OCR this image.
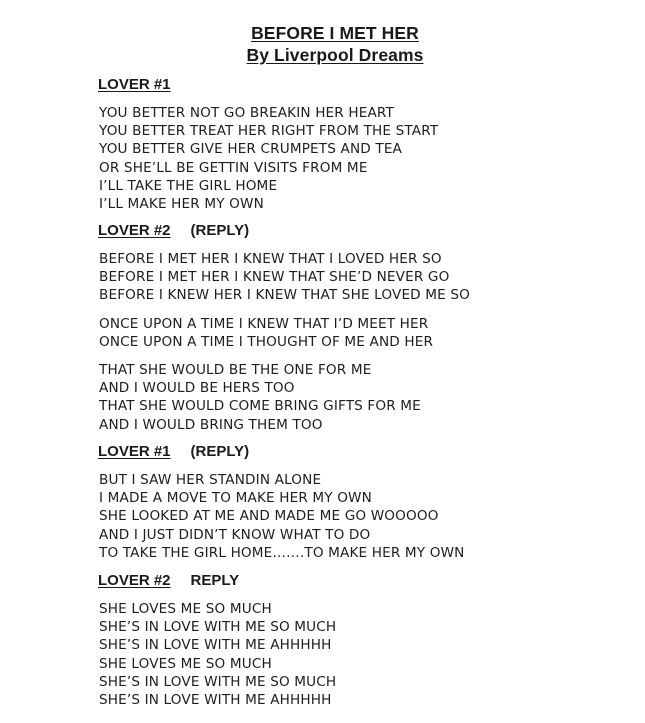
BEFORE I MET HER
By Liverpool Dreams
LOVER #1
YOU BETTER NOT GO BREAKIN HER HEART
YOU BETTER TREAT HER RIGHT FROM THE START
YOU BETTER GIVE HER CRUMPETS AND TEA
OR SHE’LL BE GETTIN VISITS FROM ME
I’LL TAKE THE GIRL HOME
I’LL MAKE HER MY OWN
LOVER #2 (REPLY)
BEFORE I MET HER I KNEW THAT I LOVED HER SO
BEFORE I MET HER I KNEW THAT SHE’D NEVER GO
BEFORE I KNEW HER I KNEW THAT SHE LOVED ME SO
ONCE UPON A TIME I KNEW THAT I’D MEET HER
ONCE UPON A TIME I THOUGHT OF ME AND HER
THAT SHE WOULD BE THE ONE FOR ME
AND I WOULD BE HERS TOO
THAT SHE WOULD COME BRING GIFTS FOR ME
AND I WOULD BRING THEM TOO
LOVER #1 (REPLY)
BUT I SAW HER STANDIN ALONE
I MADE A MOVE TO MAKE HER MY OWN
SHE LOOKED AT ME AND MADE ME GO WOOOOO
AND I JUST DIDN’T KNOW WHAT TO DO
TO TAKE THE GIRL HOME…….TO MAKE HER MY OWN
LOVER #2 REPLY
SHE LOVES ME SO MUCH
SHE’S IN LOVE WITH ME SO MUCH
SHE’S IN LOVE WITH ME AHHHHH
SHE LOVES ME SO MUCH
SHE’S IN LOVE WITH ME SO MUCH
SHE’S IN LOVE WITH ME AHHHHH
